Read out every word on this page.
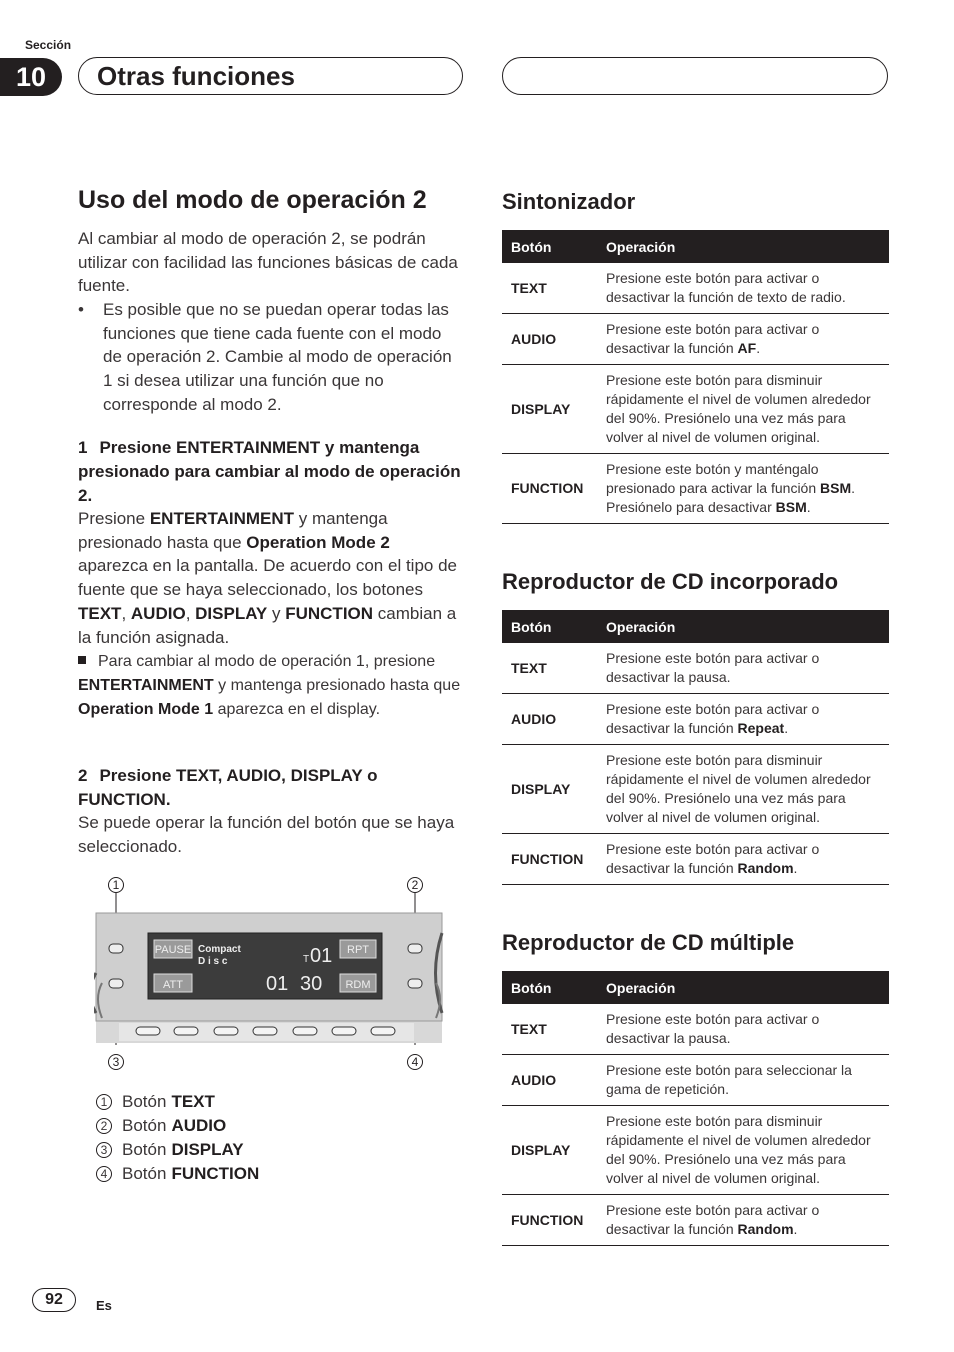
Sección
10	Otras funciones
Uso del modo de operación 2
Al cambiar al modo de operación 2, se podrán utilizar con facilidad las funciones básicas de cada fuente.
• Es posible que no se puedan operar todas las funciones que tiene cada fuente con el modo de operación 2. Cambie al modo de operación 1 si desea utilizar una función que no corresponde al modo 2.
1 Presione ENTERTAINMENT y mantenga presionado para cambiar al modo de operación 2.
Presione ENTERTAINMENT y mantenga presionado hasta que Operation Mode 2 aparezca en la pantalla. De acuerdo con el tipo de fuente que se haya seleccionado, los botones TEXT, AUDIO, DISPLAY y FUNCTION cambian a la función asignada.
Para cambiar al modo de operación 1, presione ENTERTAINMENT y mantenga presionado hasta que Operation Mode 1 aparezca en el display.
2 Presione TEXT, AUDIO, DISPLAY o FUNCTION.
Se puede operar la función del botón que se haya seleccionado.
1	2
3	4
PAUSE Compact
D i s c
ATT
T 01
01 30
RPT
RDM
1 Botón TEXT
2 Botón AUDIO
3 Botón DISPLAY
4 Botón FUNCTION
Sintonizador
Botón	Operación
TEXT	Presione este botón para activar o desactivar la función de texto de radio.
AUDIO	Presione este botón para activar o desactivar la función AF.
DISPLAY	Presione este botón para disminuir rápidamente el nivel de volumen alrededor del 90%. Presiónelo una vez más para volver al nivel de volumen original.
FUNCTION	Presione este botón y manténgalo presionado para activar la función BSM. Presiónelo para desactivar BSM.
Reproductor de CD incorporado
Botón	Operación
TEXT	Presione este botón para activar o desactivar la pausa.
AUDIO	Presione este botón para activar o desactivar la función Repeat.
DISPLAY	Presione este botón para disminuir rápidamente el nivel de volumen alrededor del 90%. Presiónelo una vez más para volver al nivel de volumen original.
FUNCTION	Presione este botón para activar o desactivar la función Random.
Reproductor de CD múltiple
Botón	Operación
TEXT	Presione este botón para activar o desactivar la pausa.
AUDIO	Presione este botón para seleccionar la gama de repetición.
DISPLAY	Presione este botón para disminuir rápidamente el nivel de volumen alrededor del 90%. Presiónelo una vez más para volver al nivel de volumen original.
FUNCTION	Presione este botón para activar o desactivar la función Random.
92	Es
